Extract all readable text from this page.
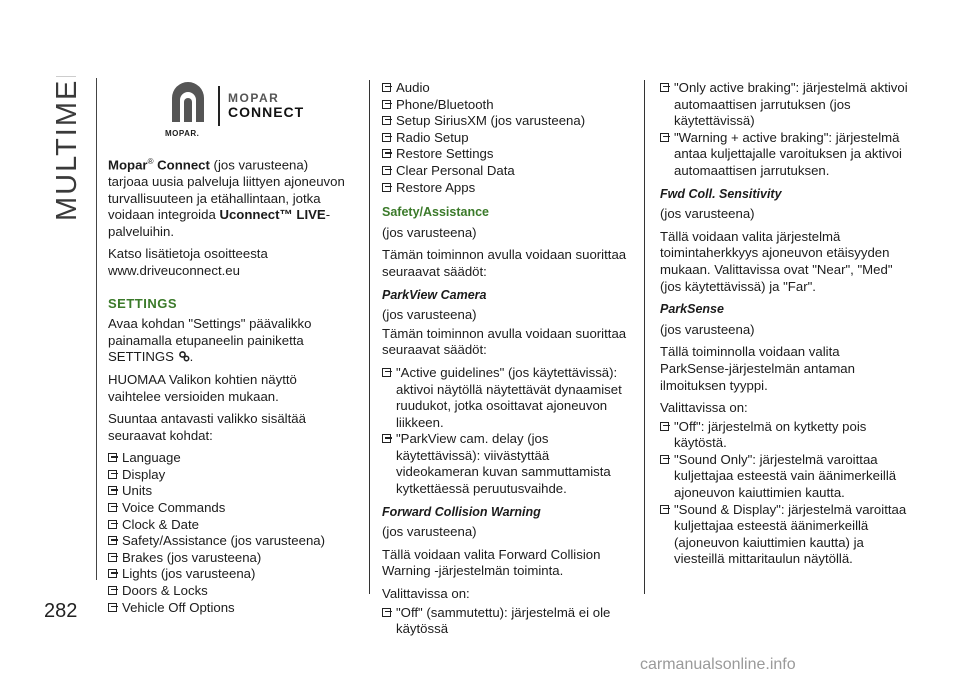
MULTIMEDIA
282
MOPAR.
MOPAR
CONNECT

Mopar® Connect (jos varusteena) tarjoaa uusia palveluja liittyen ajoneuvon turvallisuuteen ja etähallintaan, jotka voidaan integroida Uconnect™ LIVE-palveluihin.

Katso lisätietoja osoitteesta www.driveuconnect.eu

SETTINGS

Avaa kohdan "Settings" päävalikko painamalla etupaneelin painiketta SETTINGS .

HUOMAA Valikon kohtien näyttö vaihtelee versioiden mukaan.

Suuntaa antavasti valikko sisältää seuraavat kohdat:

Language
Display
Units
Voice Commands
Clock & Date
Safety/Assistance (jos varusteena)
Brakes (jos varusteena)
Lights (jos varusteena)
Doors & Locks
Vehicle Off Options
Audio
Phone/Bluetooth
Setup SiriusXM (jos varusteena)
Radio Setup
Restore Settings
Clear Personal Data
Restore Apps
Safety/Assistance

(jos varusteena)

Tämän toiminnon avulla voidaan suorittaa seuraavat säädöt:

ParkView Camera

(jos varusteena)

Tämän toiminnon avulla voidaan suorittaa seuraavat säädöt:

"Active guidelines" (jos käytettävissä): aktivoi näytöllä näytettävät dynaamiset ruudukot, jotka osoittavat ajoneuvon liikkeen.
"ParkView cam. delay (jos käytettävissä): viivästyttää videokameran kuvan sammuttamista kytkettäessä peruutusvaihde.
Forward Collision Warning

(jos varusteena)

Tällä voidaan valita Forward Collision Warning -järjestelmän toiminta.

Valittavissa on:

"Off" (sammutettu): järjestelmä ei ole käytössä
"Only active braking": järjestelmä aktivoi automaattisen jarrutuksen (jos käytettävissä)
"Warning + active braking": järjestelmä antaa kuljettajalle varoituksen ja aktivoi automaattisen jarrutuksen.
Fwd Coll. Sensitivity

(jos varusteena)

Tällä voidaan valita järjestelmä toimintaherkkyys ajoneuvon etäisyyden mukaan. Valittavissa ovat "Near", "Med" (jos käytettävissä) ja "Far".

ParkSense

(jos varusteena)

Tällä toiminnolla voidaan valita ParkSense-järjestelmän antaman ilmoituksen tyyppi.

Valittavissa on:

"Off": järjestelmä on kytketty pois käytöstä.
"Sound Only": järjestelmä varoittaa kuljettajaa esteestä vain äänimerkeillä ajoneuvon kaiuttimien kautta.
"Sound & Display": järjestelmä varoittaa kuljettajaa esteestä äänimerkeillä (ajoneuvon kaiuttimien kautta) ja viesteillä mittaritaulun näytöllä.
carmanualsonline.info
